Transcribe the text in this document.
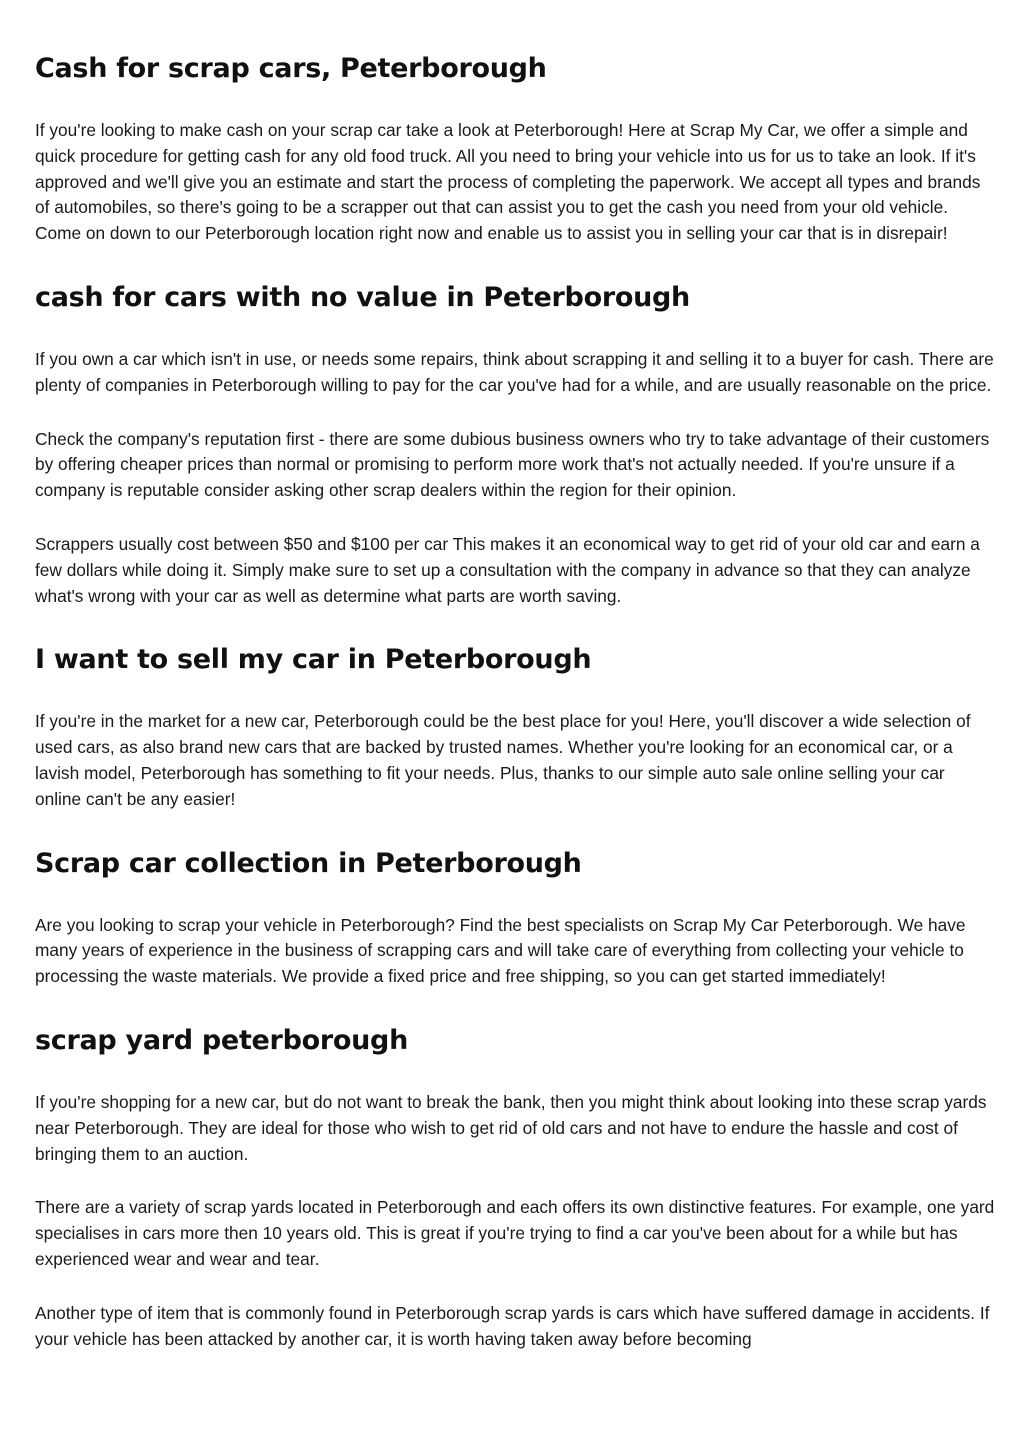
Cash for scrap cars, Peterborough

If you're looking to make cash on your scrap car take a look at Peterborough! Here at Scrap My Car, we offer a simple and quick procedure for getting cash for any old food truck. All you need to bring your vehicle into us for us to take an look. If it's approved and we'll give you an estimate and start the process of completing the paperwork. We accept all types and brands of automobiles, so there's going to be a scrapper out that can assist you to get the cash you need from your old vehicle. Come on down to our Peterborough location right now and enable us to assist you in selling your car that is in disrepair!

cash for cars with no value in Peterborough

If you own a car which isn't in use, or needs some repairs, think about scrapping it and selling it to a buyer for cash. There are plenty of companies in Peterborough willing to pay for the car you've had for a while, and are usually reasonable on the price.

Check the company's reputation first - there are some dubious business owners who try to take advantage of their customers by offering cheaper prices than normal or promising to perform more work that's not actually needed. If you're unsure if a company is reputable consider asking other scrap dealers within the region for their opinion.

Scrappers usually cost between $50 and $100 per car This makes it an economical way to get rid of your old car and earn a few dollars while doing it. Simply make sure to set up a consultation with the company in advance so that they can analyze what's wrong with your car as well as determine what parts are worth saving.

I want to sell my car in Peterborough

If you're in the market for a new car, Peterborough could be the best place for you! Here, you'll discover a wide selection of used cars, as also brand new cars that are backed by trusted names. Whether you're looking for an economical car, or a lavish model, Peterborough has something to fit your needs. Plus, thanks to our simple auto sale online selling your car online can't be any easier!

Scrap car collection in Peterborough

Are you looking to scrap your vehicle in Peterborough? Find the best specialists on Scrap My Car Peterborough. We have many years of experience in the business of scrapping cars and will take care of everything from collecting your vehicle to processing the waste materials. We provide a fixed price and free shipping, so you can get started immediately!

scrap yard peterborough

If you're shopping for a new car, but do not want to break the bank, then you might think about looking into these scrap yards near Peterborough. They are ideal for those who wish to get rid of old cars and not have to endure the hassle and cost of bringing them to an auction.

There are a variety of scrap yards located in Peterborough and each offers its own distinctive features. For example, one yard specialises in cars more then 10 years old. This is great if you're trying to find a car you've been about for a while but has experienced wear and wear and tear.

Another type of item that is commonly found in Peterborough scrap yards is cars which have suffered damage in accidents. If your vehicle has been attacked by another car, it is worth having taken away before becoming
